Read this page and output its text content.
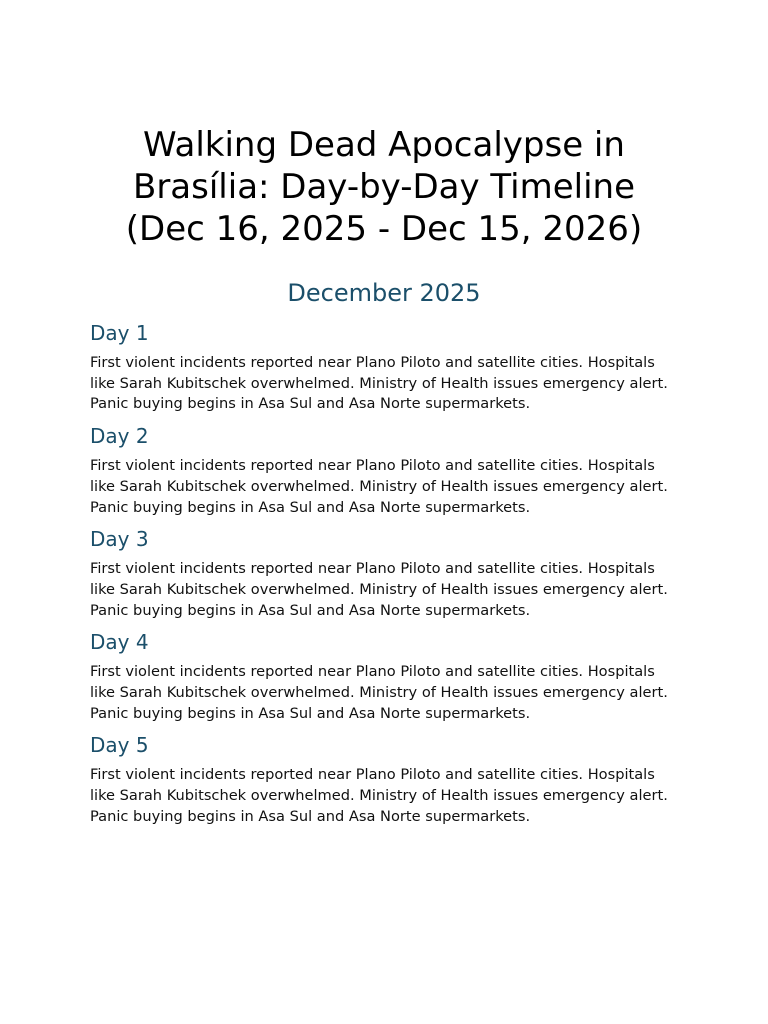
Walking Dead Apocalypse in Brasília: Day-by-Day Timeline (Dec 16, 2025 - Dec 15, 2026)
December 2025
Day 1

First violent incidents reported near Plano Piloto and satellite cities. Hospitals like Sarah Kubitschek overwhelmed. Ministry of Health issues emergency alert. Panic buying begins in Asa Sul and Asa Norte supermarkets.

Day 2

First violent incidents reported near Plano Piloto and satellite cities. Hospitals like Sarah Kubitschek overwhelmed. Ministry of Health issues emergency alert. Panic buying begins in Asa Sul and Asa Norte supermarkets.

Day 3

First violent incidents reported near Plano Piloto and satellite cities. Hospitals like Sarah Kubitschek overwhelmed. Ministry of Health issues emergency alert. Panic buying begins in Asa Sul and Asa Norte supermarkets.

Day 4

First violent incidents reported near Plano Piloto and satellite cities. Hospitals like Sarah Kubitschek overwhelmed. Ministry of Health issues emergency alert. Panic buying begins in Asa Sul and Asa Norte supermarkets.

Day 5

First violent incidents reported near Plano Piloto and satellite cities. Hospitals like Sarah Kubitschek overwhelmed. Ministry of Health issues emergency alert. Panic buying begins in Asa Sul and Asa Norte supermarkets.
